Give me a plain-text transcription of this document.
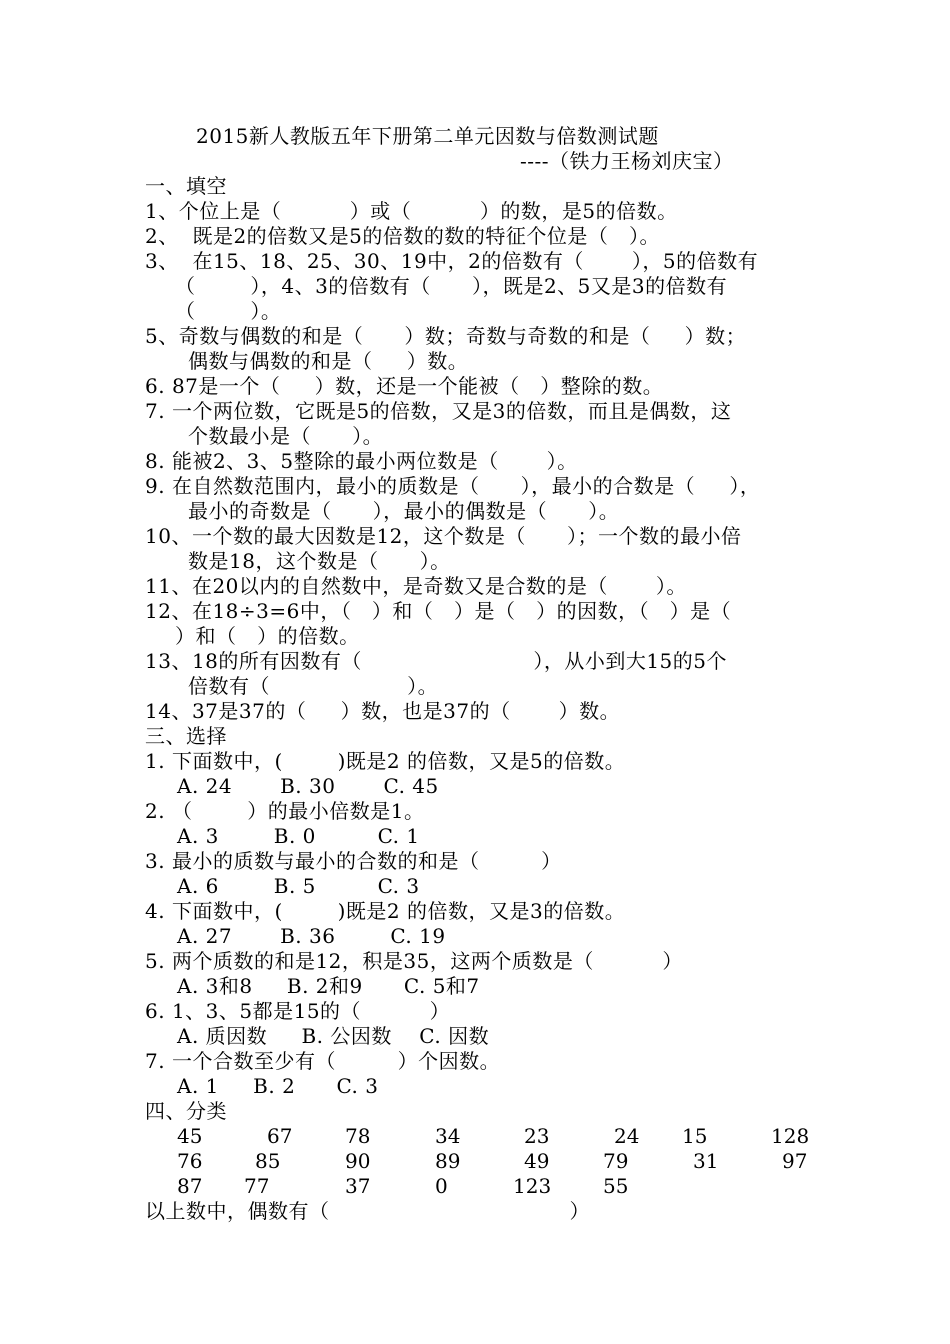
2015新人教版五年下册第二单元因数与倍数测试题
----（铁力王杨刘庆宝）
一、填空
1、个位上是（          ）或（          ）的数，是5的倍数。
2、  既是2的倍数又是5的倍数的数的特征个位是（   ）。
3、  在15、18、25、30、19中，2的倍数有（       ），5的倍数有
（        ），4、3的倍数有（      ），既是2、5又是3的倍数有
（        ）。
5、奇数与偶数的和是（      ）数；奇数与奇数的和是（     ）数；
偶数与偶数的和是（     ）数。
6. 87是一个（     ）数，还是一个能被（   ）整除的数。
7. 一个两位数，它既是5的倍数，又是3的倍数，而且是偶数，这
个数最小是（      ）。
8. 能被2、3、5整除的最小两位数是（       ）。
9. 在自然数范围内，最小的质数是（      ），最小的合数是（     ），
最小的奇数是（      ），最小的偶数是（      ）。
10、一个数的最大因数是12，这个数是（      ）；一个数的最小倍
数是18，这个数是（      ）。
11、在20以内的自然数中，是奇数又是合数的是（       ）。
12、在18÷3=6中，（   ）和（   ）是（   ）的因数，（   ）是（
）和（   ）的倍数。
13、18的所有因数有（                         ），从小到大15的5个
倍数有（                    ）。
14、37是37的（     ）数，也是37的（       ）数。
三、选择
1. 下面数中，(        )既是2 的倍数，又是5的倍数。
A. 24       B. 30       C. 45
2. （        ）的最小倍数是1。
A. 3        B. 0         C. 1
3. 最小的质数与最小的合数的和是（         ）
A. 6        B. 5         C. 3
4. 下面数中，(        )既是2 的倍数，又是3的倍数。
A. 27       B. 36        C. 19
5. 两个质数的和是12，积是35，这两个质数是（          ）
A. 3和8     B. 2和9      C. 5和7
6. 1、3、5都是15的（          ）
A. 质因数     B. 公因数    C. 因数
7. 一个合数至少有（         ）个因数。
A. 1     B. 2      C. 3
四、分类
45	67	78	34	23	24 15	128
76	85	90	89	49	79	31	97
87 77	37	0	123	55
以上数中，偶数有（                                   ）
